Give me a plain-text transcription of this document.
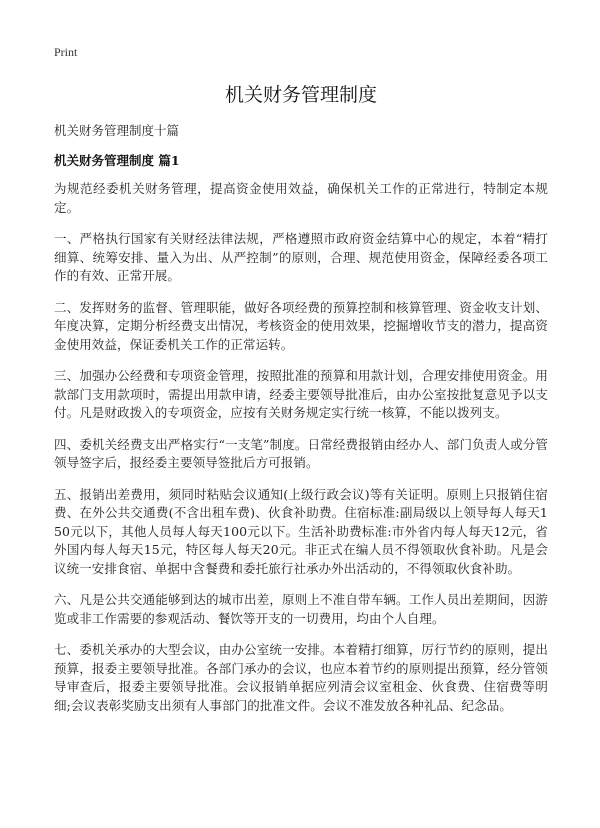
Print

机关财务管理制度

机关财务管理制度十篇

机关财务管理制度 篇1

为规范经委机关财务管理，提高资金使用效益，确保机关工作的正常进行，特制定本规定。

一、严格执行国家有关财经法律法规，严格遵照市政府资金结算中心的规定，本着“精打细算、统筹安排、量入为出、从严控制”的原则，合理、规范使用资金，保障经委各项工作的有效、正常开展。

二、发挥财务的监督、管理职能，做好各项经费的预算控制和核算管理、资金收支计划、年度决算，定期分析经费支出情况，考核资金的使用效果，挖掘增收节支的潜力，提高资金使用效益，保证委机关工作的正常运转。

三、加强办公经费和专项资金管理，按照批准的预算和用款计划，合理安排使用资金。用款部门支用款项时，需提出用款申请，经委主要领导批准后，由办公室按批复意见予以支付。凡是财政拨入的专项资金，应按有关财务规定实行统一核算，不能以拨列支。

四、委机关经费支出严格实行“一支笔”制度。日常经费报销由经办人、部门负责人或分管领导签字后，报经委主要领导签批后方可报销。

五、报销出差费用，须同时粘贴会议通知(上级行政会议)等有关证明。原则上只报销住宿费、在外公共交通费(不含出租车费)、伙食补助费。住宿标准:副局级以上领导每人每天150元以下，其他人员每人每天100元以下。生活补助费标准:市外省内每人每天12元，省外国内每人每天15元，特区每人每天20元。非正式在编人员不得领取伙食补助。凡是会议统一安排食宿、单据中含餐费和委托旅行社承办外出活动的，不得领取伙食补助。

六、凡是公共交通能够到达的城市出差，原则上不准自带车辆。工作人员出差期间，因游览或非工作需要的参观活动、餐饮等开支的一切费用，均由个人自理。

七、委机关承办的大型会议，由办公室统一安排。本着精打细算，厉行节约的原则，提出预算，报委主要领导批准。各部门承办的会议，也应本着节约的原则提出预算，经分管领导审查后，报委主要领导批准。会议报销单据应列清会议室租金、伙食费、住宿费等明细;会议表彰奖励支出须有人事部门的批准文件。会议不准发放各种礼品、纪念品。
